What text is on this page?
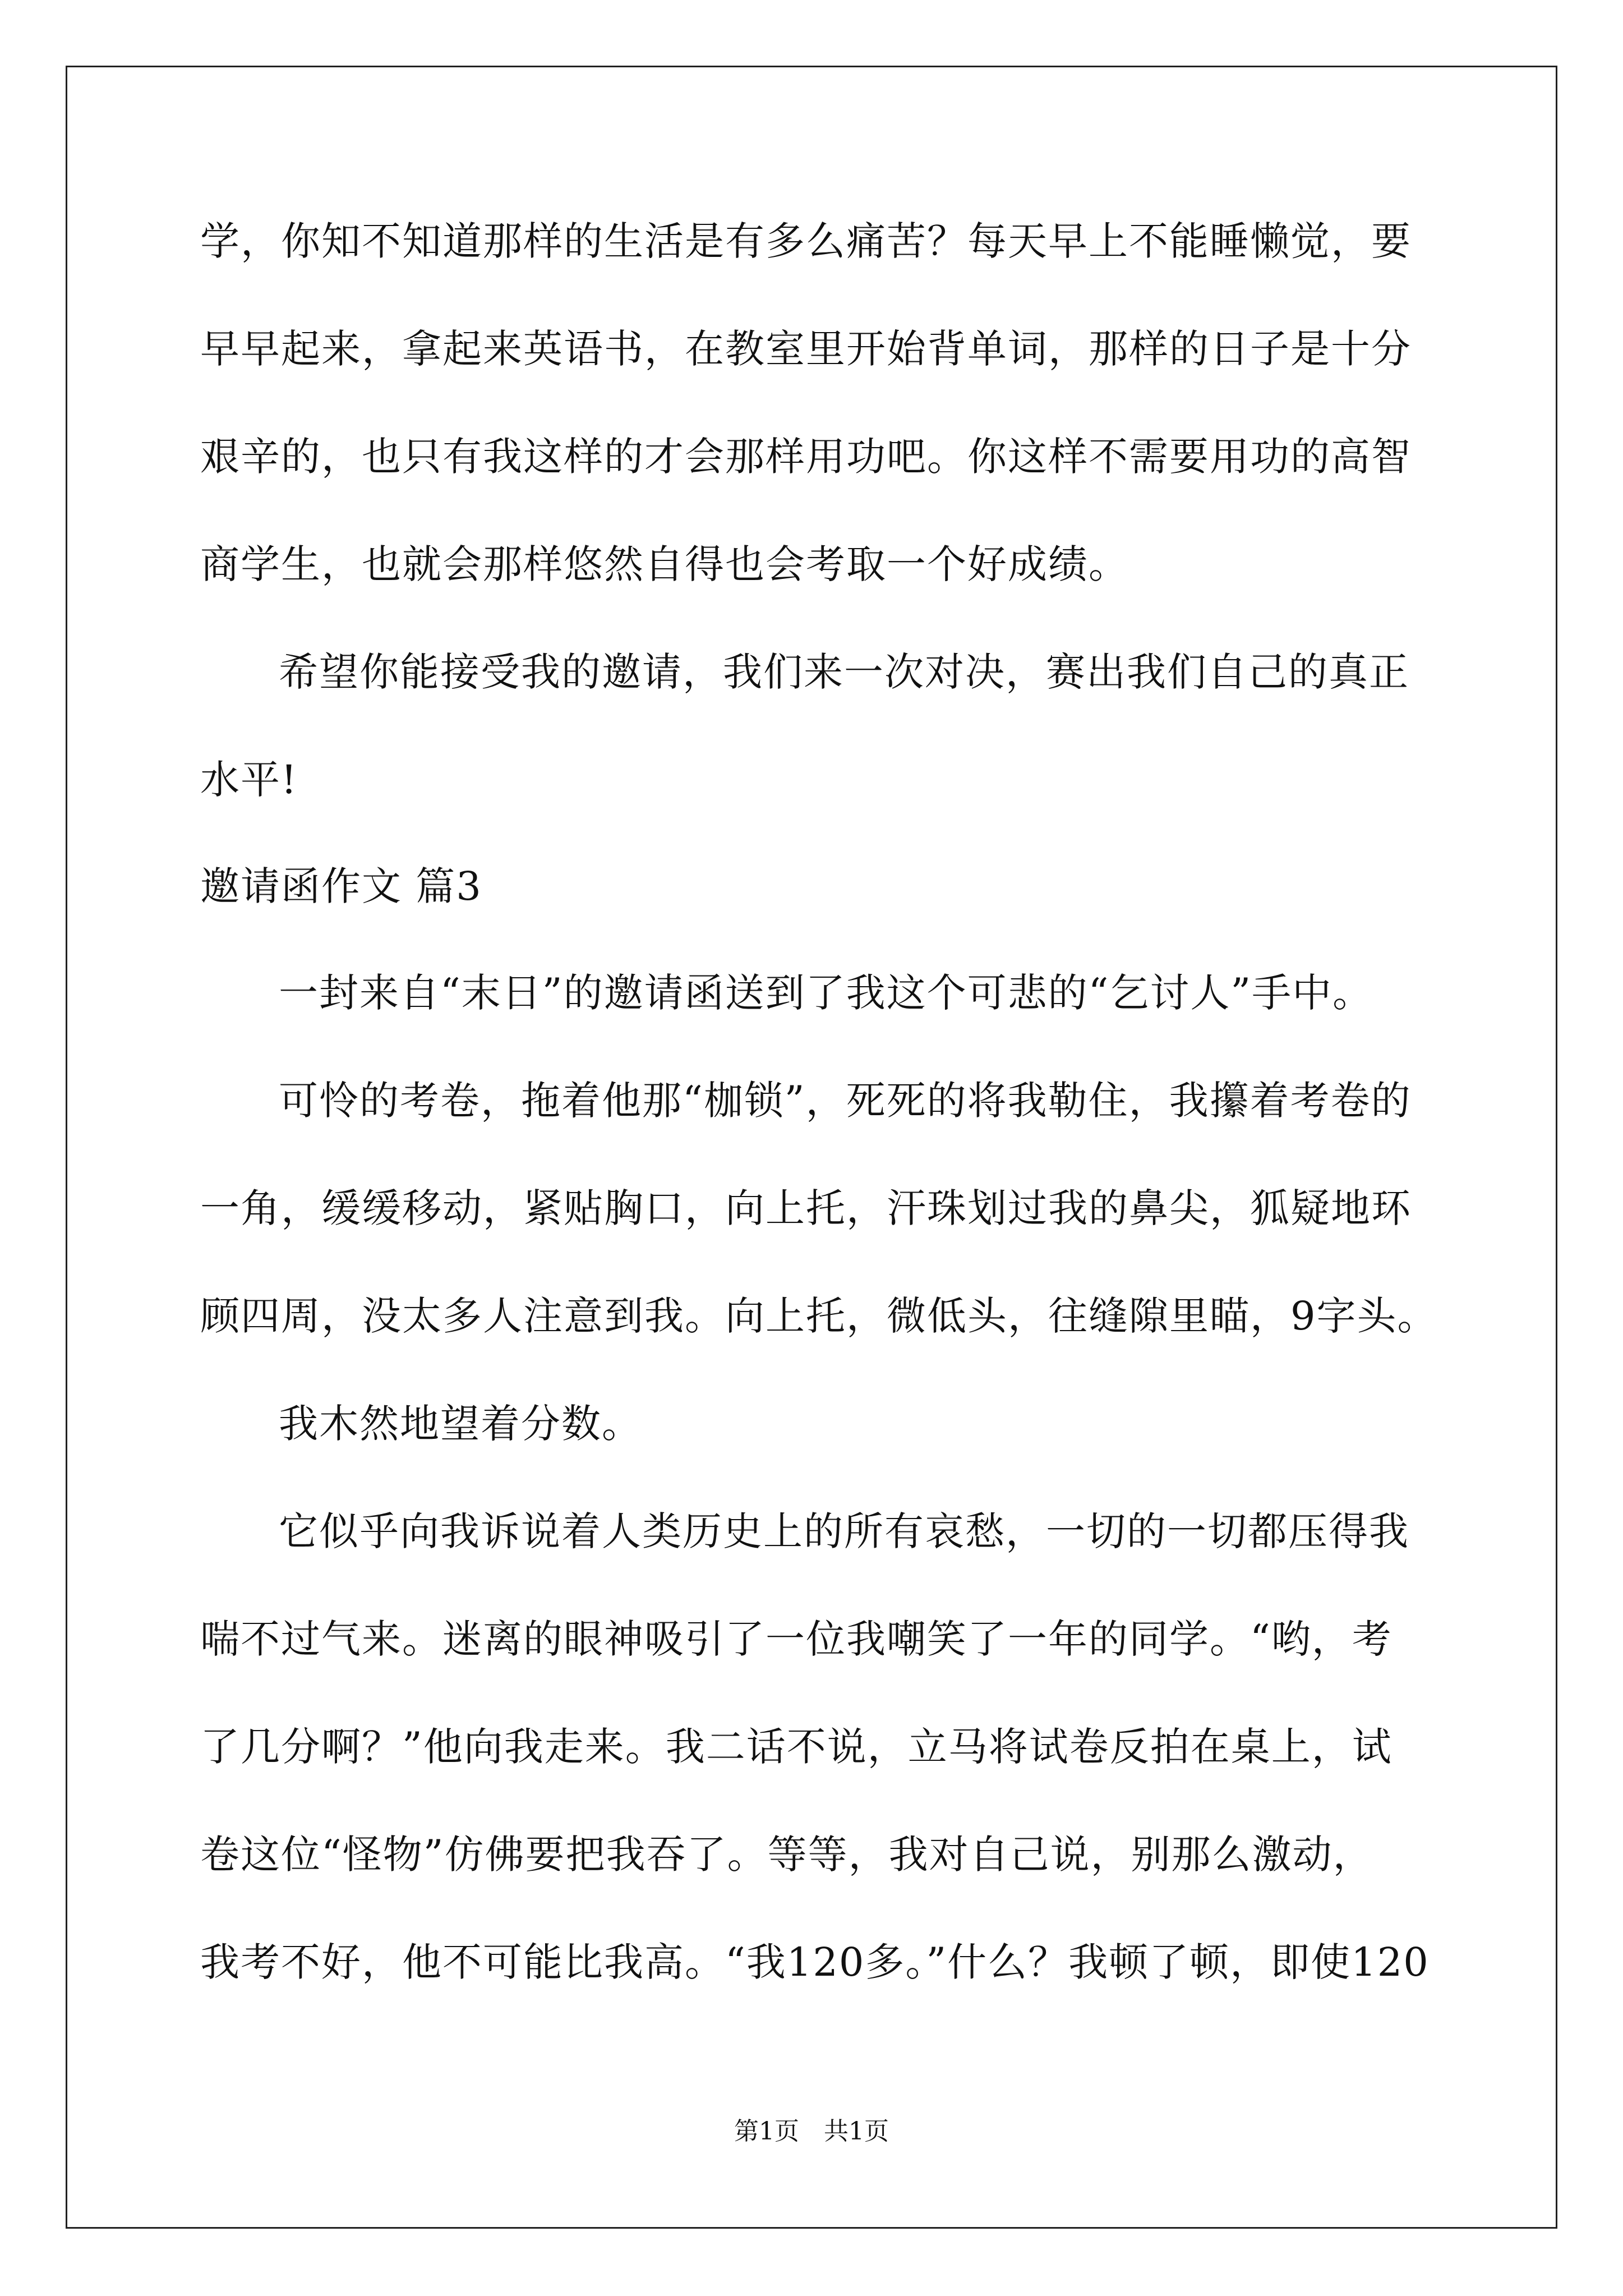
学，你知不知道那样的生活是有多么痛苦？每天早上不能睡懒觉，要
早早起来，拿起来英语书，在教室里开始背单词，那样的日子是十分
艰辛的，也只有我这样的才会那样用功吧。你这样不需要用功的高智
商学生，也就会那样悠然自得也会考取一个好成绩。
希望你能接受我的邀请，我们来一次对决，赛出我们自己的真正
水平!
邀请函作文 篇3
一封来自“末日”的邀请函送到了我这个可悲的“乞讨人”手中。
可怜的考卷，拖着他那“枷锁”，死死的将我勒住，我攥着考卷的
一角，缓缓移动，紧贴胸口，向上托，汗珠划过我的鼻尖，狐疑地环
顾四周，没太多人注意到我。向上托，微低头，往缝隙里瞄，9字头。
我木然地望着分数。
它似乎向我诉说着人类历史上的所有哀愁，一切的一切都压得我
喘不过气来。迷离的眼神吸引了一位我嘲笑了一年的同学。“哟，考
了几分啊？”他向我走来。我二话不说，立马将试卷反拍在桌上，试
卷这位“怪物”仿佛要把我吞了。等等，我对自己说，别那么激动，
我考不好，他不可能比我高。“我120多。”什么？我顿了顿，即使120
第1页　共1页
